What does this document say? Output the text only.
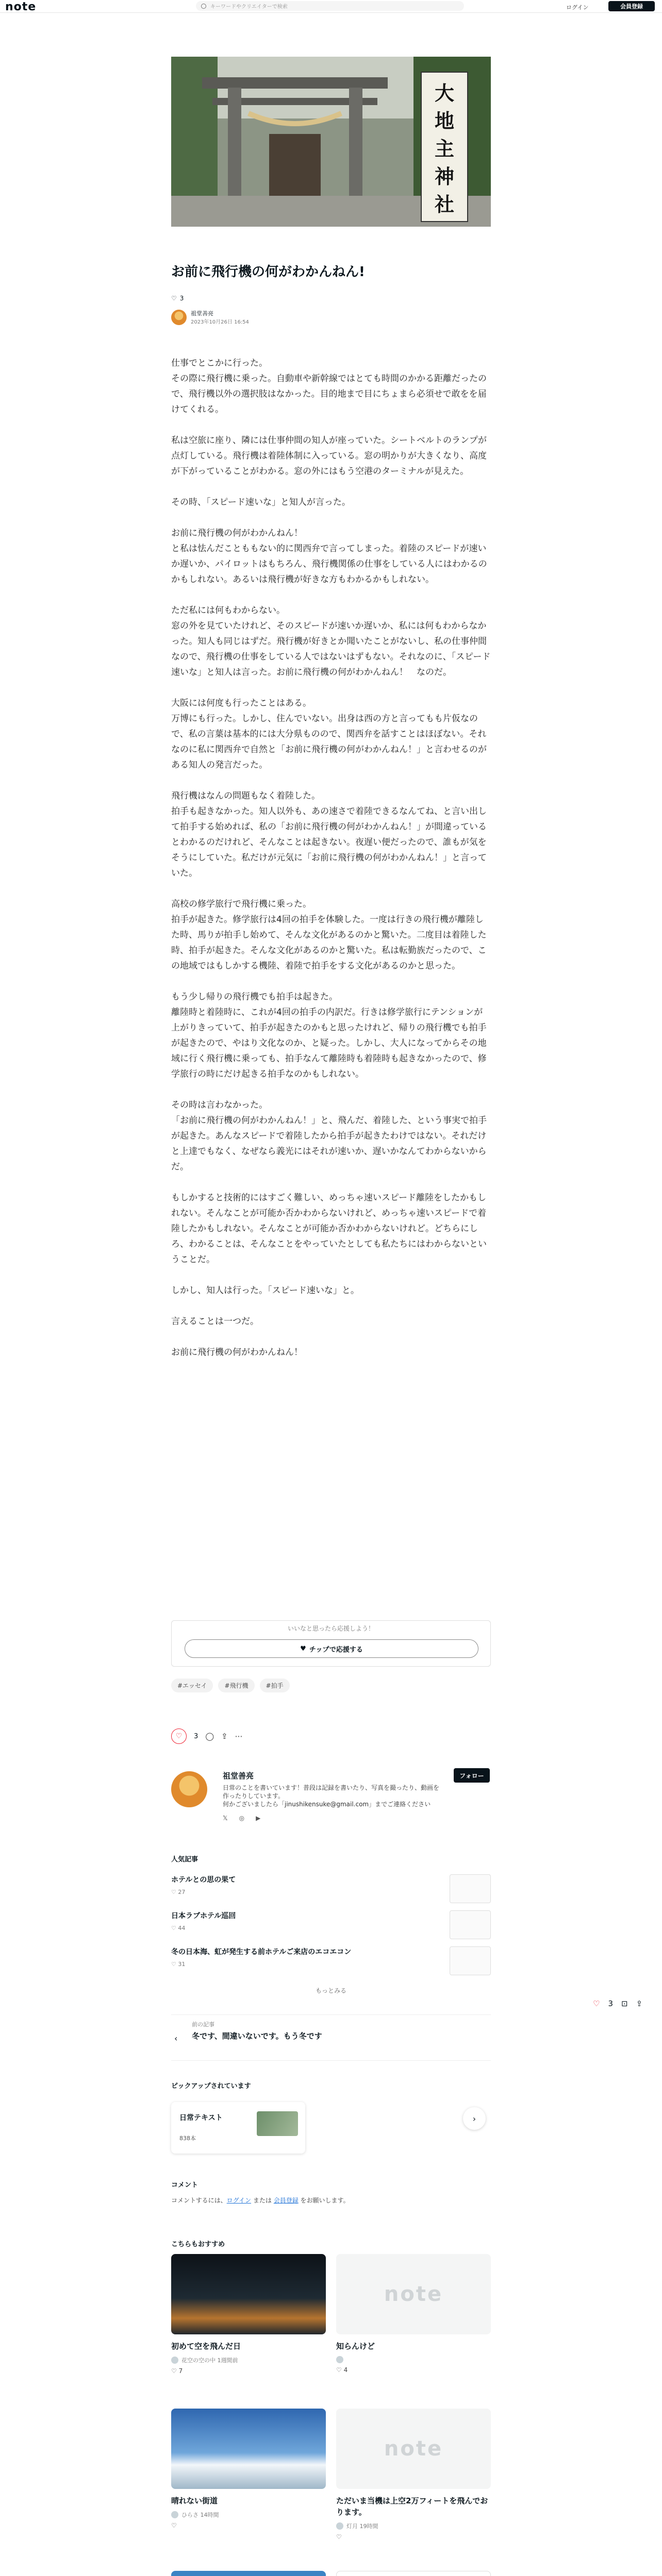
note	キーワードやクリエイターで検索	ログイン	会員登録
大地主神社
お前に飛行機の何がわかんねん!
♡ 3
祖堂善亮
2023年10月26日 16:54

仕事でとこかに行った。
その際に飛行機に乗った。自動車や新幹線ではとても時間のかかる距離だったので、飛行機以外の選択肢はなかった。目的地まで目にちょまら必須せで敢をを届けてくれる。

私は空旅に座り、隣には仕事仲間の知人が座っていた。シートベルトのランプが点灯している。飛行機は着陸体制に入っている。窓の明かりが大きくなり、高度が下がっていることがわかる。窓の外にはもう空港のターミナルが見えた。

その時、「スピード速いな」と知人が言った。

お前に飛行機の何がわかんねん！
と私は怯んだことももない的に関西弁で言ってしまった。着陸のスピードが速いか遅いか、パイロットはもちろん、飛行機関係の仕事をしている人にはわかるのかもしれない。あるいは飛行機が好きな方もわかるかもしれない。

ただ私には何もわからない。
窓の外を見ていたけれど、そのスピードが速いか遅いか、私には何もわからなかった。知人も同じはずだ。飛行機が好きとか聞いたことがないし、私の仕事仲間なので、飛行機の仕事をしている人ではないはずもない。それなのに、「スピード速いな」と知人は言った。お前に飛行機の何がわかんねん！　なのだ。

大阪には何度も行ったことはある。
万博にも行った。しかし、住んでいない。出身は西の方と言ってもも片仮なので、私の言葉は基本的には大分県ものので、関西弁を話すことはほぼない。それなのに私に関西弁で自然と「お前に飛行機の何がわかんねん！」と言わせるのがある知人の発言だった。

飛行機はなんの問題もなく着陸した。
拍手も起きなかった。知人以外も、あの速さで着陸できるなんてね、と言い出して拍手する始めれば、私の「お前に飛行機の何がわかんねん！」が間違っているとわかるのだけれど、そんなことは起きない。夜遅い便だったので、誰もが気をそうにしていた。私だけが元気に「お前に飛行機の何がわかんねん！」と言っていた。

高校の修学旅行で飛行機に乗った。
拍手が起きた。修学旅行は4回の拍手を体験した。一度は行きの飛行機が離陸した時、馬りが拍手し始めて、そんな文化があるのかと驚いた。二度目は着陸した時、拍手が起きた。そんな文化があるのかと驚いた。私は転勤族だったので、この地域ではもしかする機陸、着陸で拍手をする文化があるのかと思った。

もう少し帰りの飛行機でも拍手は起きた。
離陸時と着陸時に、これが4回の拍手の内訳だ。行きは修学旅行にテンションが上がりきっていて、拍手が起きたのかもと思ったけれど、帰りの飛行機でも拍手が起きたので、やはり文化なのか、と疑った。しかし、大人になってからその地域に行く飛行機に乗っても、拍手なんて離陸時も着陸時も起きなかったので、修学旅行の時にだけ起きる拍手なのかもしれない。

その時は言わなかった。
「お前に飛行機の何がわかんねん！」と、飛んだ、着陸した、という事実で拍手が起きた。あんなスピードで着陸したから拍手が起きたわけではない。それだけと上達でもなく、なぜなら義光にはそれが速いか、遅いかなんてわからないからだ。

もしかすると技術的にはすごく難しい、めっちゃ速いスピード離陸をしたかもしれない。そんなことが可能か否かわからないけれど、めっちゃ速いスピードで着陸したかもしれない。そんなことが可能か否かわからないけれど。どちらにしろ、わかることは、そんなことをやっていたとしても私たちにはわからないということだ。

しかし、知人は行った。「スピード速いな」と。

言えることは一つだ。

お前に飛行機の何がわかんねん！

いいなと思ったら応援しよう！
♥ チップで応援する
#エッセイ	#飛行機	#拍手
♡	3 ◯ ⇪ ⋯
祖堂善亮
日常のことを書いています！普段は記録を書いたり、写真を撮ったり、動画を作ったりしています。
何かございましたら「jinushikensuke@gmail.com」までご連絡ください
フォロー
𝕏 ◎ ▶
人気記事
ホテルとの思の果て
♡ 27
日本ラブホテル巡回
♡ 44
冬の日本海、虹が発生する前ホテルご来店のエコエコン
♡ 31
もっとみる
♡ 3 ⊡ ⇪
‹
前の記事
冬です、間違いないです。もう冬です
ピックアップされています
日常テキスト
838本
›
コメント
コメントするには、ログイン または 会員登録 をお願いします。
こちらもおすすめ
初めて空を飛んだ日
花空の空の中 1週間前
♡ 7
note
知らんけど
♡ 4
晴れない街道
ひらさ 14時間
♡
note
ただいま当機は上空2万フィートを飛んでおります。
灯月 19時間
♡
